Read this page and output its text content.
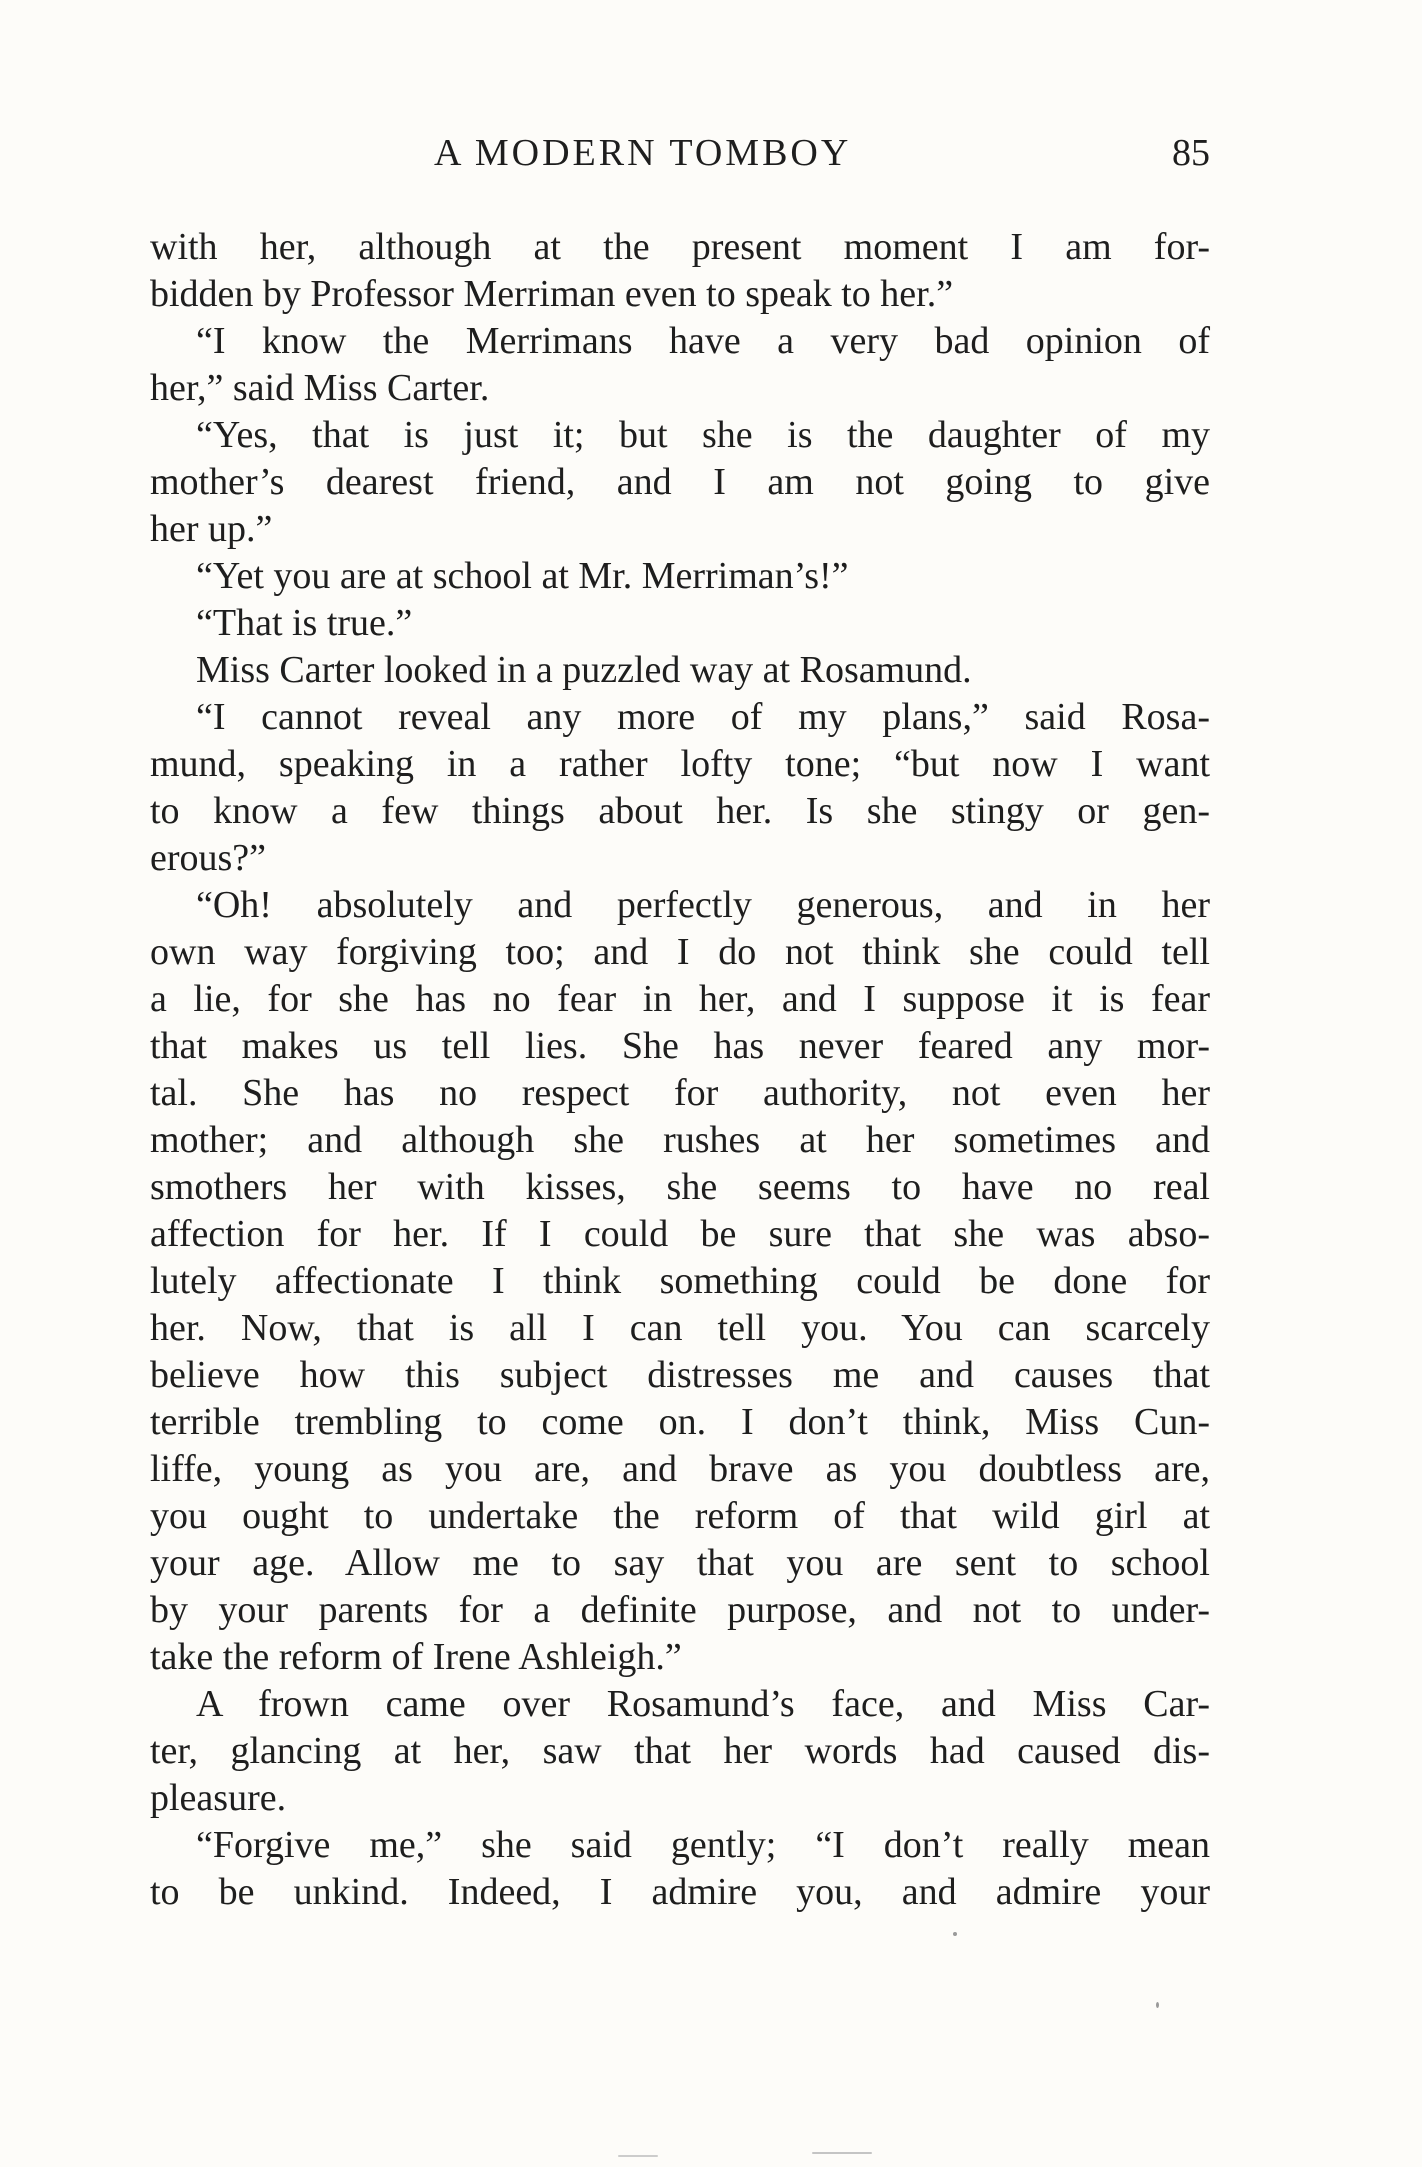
A MODERN TOMBOY	85
with her, although at the present moment I am for-
bidden by Professor Merriman even to speak to her.”
“I know the Merrimans have a very bad opinion of
her,” said Miss Carter.
“Yes, that is just it; but she is the daughter of my
mother’s dearest friend, and I am not going to give
her up.”
“Yet you are at school at Mr. Merriman’s!”
“That is true.”
Miss Carter looked in a puzzled way at Rosamund.
“I cannot reveal any more of my plans,” said Rosa-
mund, speaking in a rather lofty tone; “but now I want
to know a few things about her. Is she stingy or gen-
erous?”
“Oh! absolutely and perfectly generous, and in her
own way forgiving too; and I do not think she could tell
a lie, for she has no fear in her, and I suppose it is fear
that makes us tell lies. She has never feared any mor-
tal. She has no respect for authority, not even her
mother; and although she rushes at her sometimes and
smothers her with kisses, she seems to have no real
affection for her. If I could be sure that she was abso-
lutely affectionate I think something could be done for
her. Now, that is all I can tell you. You can scarcely
believe how this subject distresses me and causes that
terrible trembling to come on. I don’t think, Miss Cun-
liffe, young as you are, and brave as you doubtless are,
you ought to undertake the reform of that wild girl at
your age. Allow me to say that you are sent to school
by your parents for a definite purpose, and not to under-
take the reform of Irene Ashleigh.”
A frown came over Rosamund’s face, and Miss Car-
ter, glancing at her, saw that her words had caused dis-
pleasure.
“Forgive me,” she said gently; “I don’t really mean
to be unkind. Indeed, I admire you, and admire your
